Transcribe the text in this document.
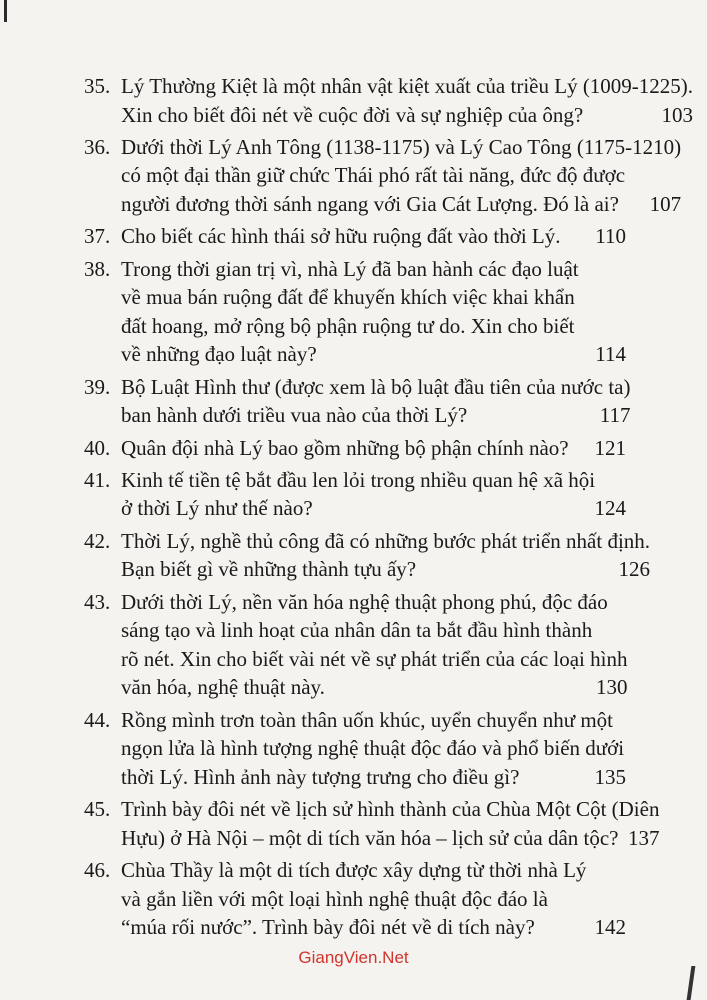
35. Lý Thường Kiệt là một nhân vật kiệt xuất của triều Lý (1009-1225).
Xin cho biết đôi nét về cuộc đời và sự nghiệp của ông?	103
36. Dưới thời Lý Anh Tông (1138-1175) và Lý Cao Tông (1175-1210)
có một đại thần giữ chức Thái phó rất tài năng, đức độ được
người đương thời sánh ngang với Gia Cát Lượng. Đó là ai?	107
37. Cho biết các hình thái sở hữu ruộng đất vào thời Lý.	110
38. Trong thời gian trị vì, nhà Lý đã ban hành các đạo luật
về mua bán ruộng đất để khuyến khích việc khai khẩn
đất hoang, mở rộng bộ phận ruộng tư do. Xin cho biết
về những đạo luật này?	114
39. Bộ Luật Hình thư (được xem là bộ luật đầu tiên của nước ta)
ban hành dưới triều vua nào của thời Lý?	117
40. Quân đội nhà Lý bao gồm những bộ phận chính nào?	121
41. Kinh tế tiền tệ bắt đầu len lỏi trong nhiều quan hệ xã hội
ở thời Lý như thế nào?	124
42. Thời Lý, nghề thủ công đã có những bước phát triển nhất định.
Bạn biết gì về những thành tựu ấy?	126
43. Dưới thời Lý, nền văn hóa nghệ thuật phong phú, độc đáo
sáng tạo và linh hoạt của nhân dân ta bắt đầu hình thành
rõ nét. Xin cho biết vài nét về sự phát triển của các loại hình
văn hóa, nghệ thuật này.	130
44. Rồng mình trơn toàn thân uốn khúc, uyển chuyển như một
ngọn lửa là hình tượng nghệ thuật độc đáo và phổ biến dưới
thời Lý. Hình ảnh này tượng trưng cho điều gì?	135
45. Trình bày đôi nét về lịch sử hình thành của Chùa Một Cột (Diên
Hựu) ở Hà Nội – một di tích văn hóa – lịch sử của dân tộc? 137
46. Chùa Thầy là một di tích được xây dựng từ thời nhà Lý
và gắn liền với một loại hình nghệ thuật độc đáo là
“múa rối nước”. Trình bày đôi nét về di tích này?	142
GiangVien.Net
